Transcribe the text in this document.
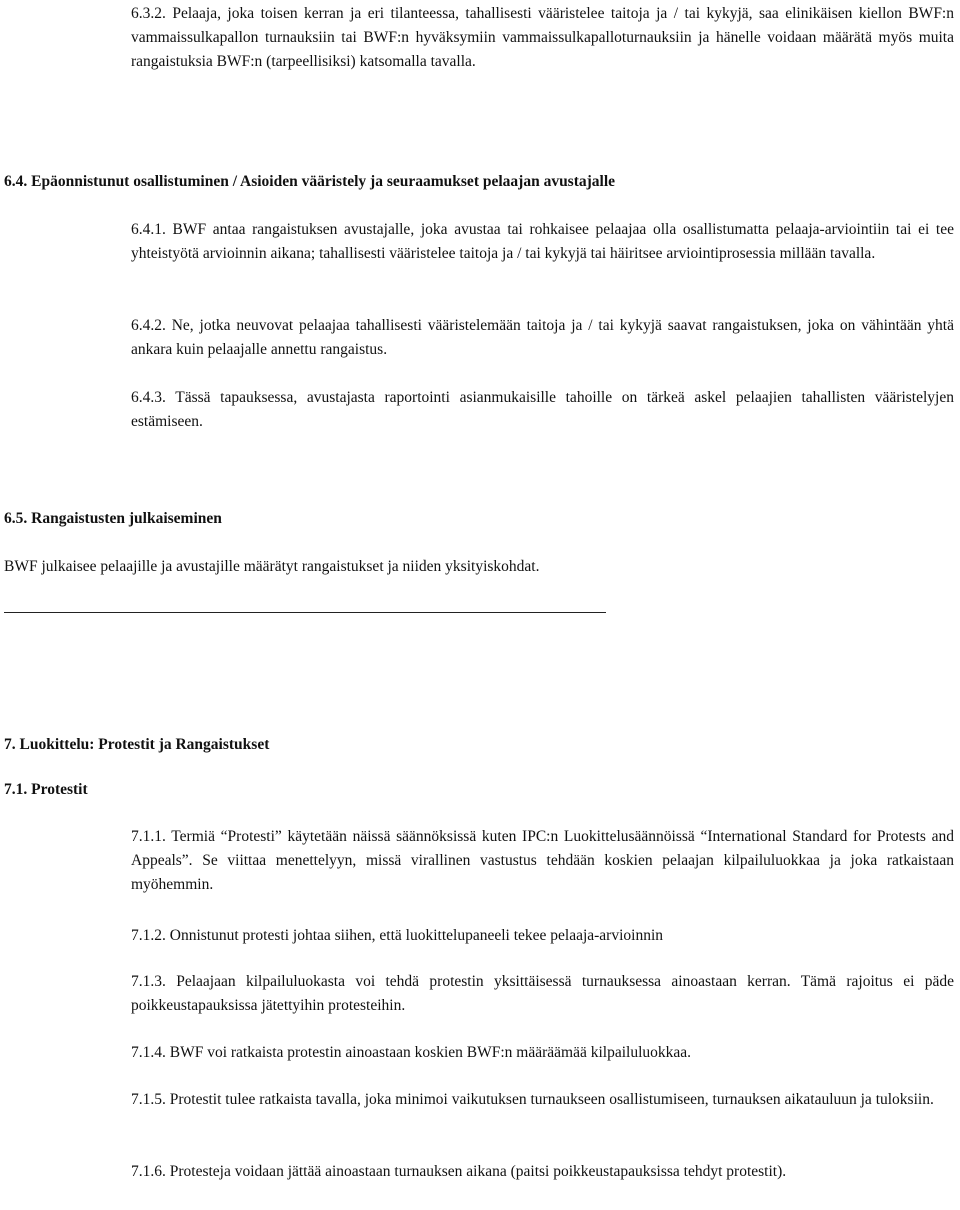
6.3.2. Pelaaja, joka toisen kerran ja eri tilanteessa, tahallisesti vääristelee taitoja ja / tai kykyjä, saa elinikäisen kiellon BWF:n vammaissulkapallon turnauksiin tai BWF:n hyväksymiin vammaissulkapalloturnauksiin ja hänelle voidaan määrätä myös muita rangaistuksia BWF:n (tarpeellisiksi) katsomalla tavalla.

6.4. Epäonnistunut osallistuminen / Asioiden vääristely ja seuraamukset pelaajan avustajalle

6.4.1. BWF antaa rangaistuksen avustajalle, joka avustaa tai rohkaisee pelaajaa olla osallistumatta pelaaja-arviointiin tai ei tee yhteistyötä arvioinnin aikana; tahallisesti vääristelee taitoja ja / tai kykyjä tai häiritsee arviointiprosessia millään tavalla.

6.4.2. Ne, jotka neuvovat pelaajaa tahallisesti vääristelemään taitoja ja / tai kykyjä saavat rangaistuksen, joka on vähintään yhtä ankara kuin pelaajalle annettu rangaistus.

6.4.3. Tässä tapauksessa, avustajasta raportointi asianmukaisille tahoille on tärkeä askel pelaajien tahallisten vääristelyjen estämiseen.

6.5. Rangaistusten julkaiseminen

BWF julkaisee pelaajille ja avustajille määrätyt rangaistukset ja niiden yksityiskohdat.

7. Luokittelu: Protestit ja Rangaistukset

7.1. Protestit

7.1.1. Termiä “Protesti” käytetään näissä säännöksissä kuten IPC:n Luokittelusäännöissä “International Standard for Protests and Appeals”. Se viittaa menettelyyn, missä virallinen vastustus tehdään koskien pelaajan kilpailuluokkaa ja joka ratkaistaan myöhemmin.

7.1.2. Onnistunut protesti johtaa siihen, että luokittelupaneeli tekee pelaaja-arvioinnin

7.1.3. Pelaajaan kilpailuluokasta voi tehdä protestin yksittäisessä turnauksessa ainoastaan kerran. Tämä rajoitus ei päde poikkeustapauksissa jätettyihin protesteihin.

7.1.4. BWF voi ratkaista protestin ainoastaan koskien BWF:n määräämää kilpailuluokkaa.

7.1.5. Protestit tulee ratkaista tavalla, joka minimoi vaikutuksen turnaukseen osallistumiseen, turnauksen aikatauluun ja tuloksiin.

7.1.6. Protesteja voidaan jättää ainoastaan turnauksen aikana (paitsi poikkeustapauksissa tehdyt protestit).
